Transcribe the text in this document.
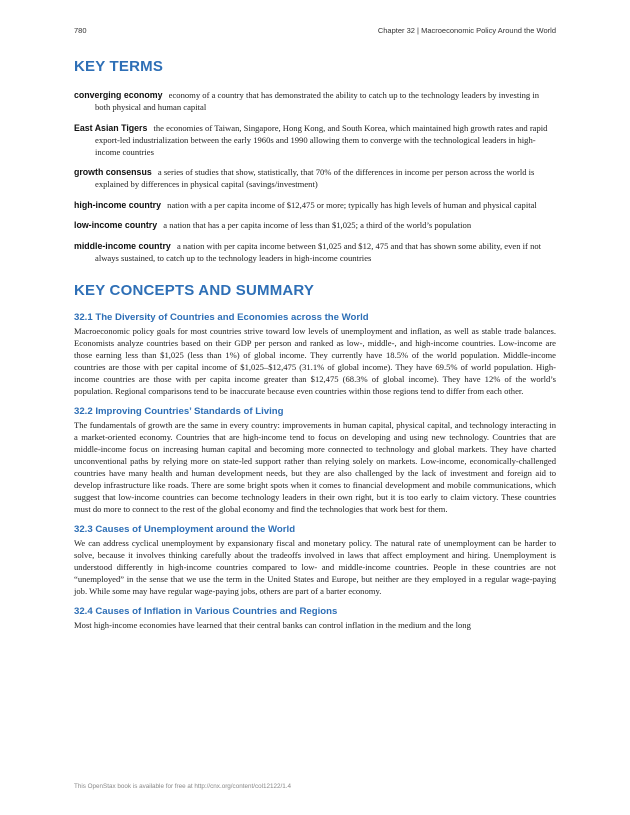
780	Chapter 32 | Macroeconomic Policy Around the World
KEY TERMS

converging economy economy of a country that has demonstrated the ability to catch up to the technology leaders by investing in both physical and human capital

East Asian Tigers the economies of Taiwan, Singapore, Hong Kong, and South Korea, which maintained high growth rates and rapid export-led industrialization between the early 1960s and 1990 allowing them to converge with the technological leaders in high-income countries

growth consensus a series of studies that show, statistically, that 70% of the differences in income per person across the world is explained by differences in physical capital (savings/investment)

high-income country nation with a per capita income of $12,475 or more; typically has high levels of human and physical capital

low-income country a nation that has a per capita income of less than $1,025; a third of the world’s population

middle-income country a nation with per capita income between $1,025 and $12, 475 and that has shown some ability, even if not always sustained, to catch up to the technology leaders in high-income countries

KEY CONCEPTS AND SUMMARY
32.1 The Diversity of Countries and Economies across the World

Macroeconomic policy goals for most countries strive toward low levels of unemployment and inflation, as well as stable trade balances. Economists analyze countries based on their GDP per person and ranked as low-, middle-, and high-income countries. Low-income are those earning less than $1,025 (less than 1%) of global income. They currently have 18.5% of the world population. Middle-income countries are those with per capital income of $1,025–$12,475 (31.1% of global income). They have 69.5% of world population. High-income countries are those with per capita income greater than $12,475 (68.3% of global income). They have 12% of the world’s population. Regional comparisons tend to be inaccurate because even countries within those regions tend to differ from each other.

32.2 Improving Countries’ Standards of Living

The fundamentals of growth are the same in every country: improvements in human capital, physical capital, and technology interacting in a market-oriented economy. Countries that are high-income tend to focus on developing and using new technology. Countries that are middle-income focus on increasing human capital and becoming more connected to technology and global markets. They have charted unconventional paths by relying more on state-led support rather than relying solely on markets. Low-income, economically-challenged countries have many health and human development needs, but they are also challenged by the lack of investment and foreign aid to develop infrastructure like roads. There are some bright spots when it comes to financial development and mobile communications, which suggest that low-income countries can become technology leaders in their own right, but it is too early to claim victory. These countries must do more to connect to the rest of the global economy and find the technologies that work best for them.

32.3 Causes of Unemployment around the World

We can address cyclical unemployment by expansionary fiscal and monetary policy. The natural rate of unemployment can be harder to solve, because it involves thinking carefully about the tradeoffs involved in laws that affect employment and hiring. Unemployment is understood differently in high-income countries compared to low- and middle-income countries. People in these countries are not “unemployed” in the sense that we use the term in the United States and Europe, but neither are they employed in a regular wage-paying job. While some may have regular wage-paying jobs, others are part of a barter economy.

32.4 Causes of Inflation in Various Countries and Regions

Most high-income economies have learned that their central banks can control inflation in the medium and the long

This OpenStax book is available for free at http://cnx.org/content/col12122/1.4
